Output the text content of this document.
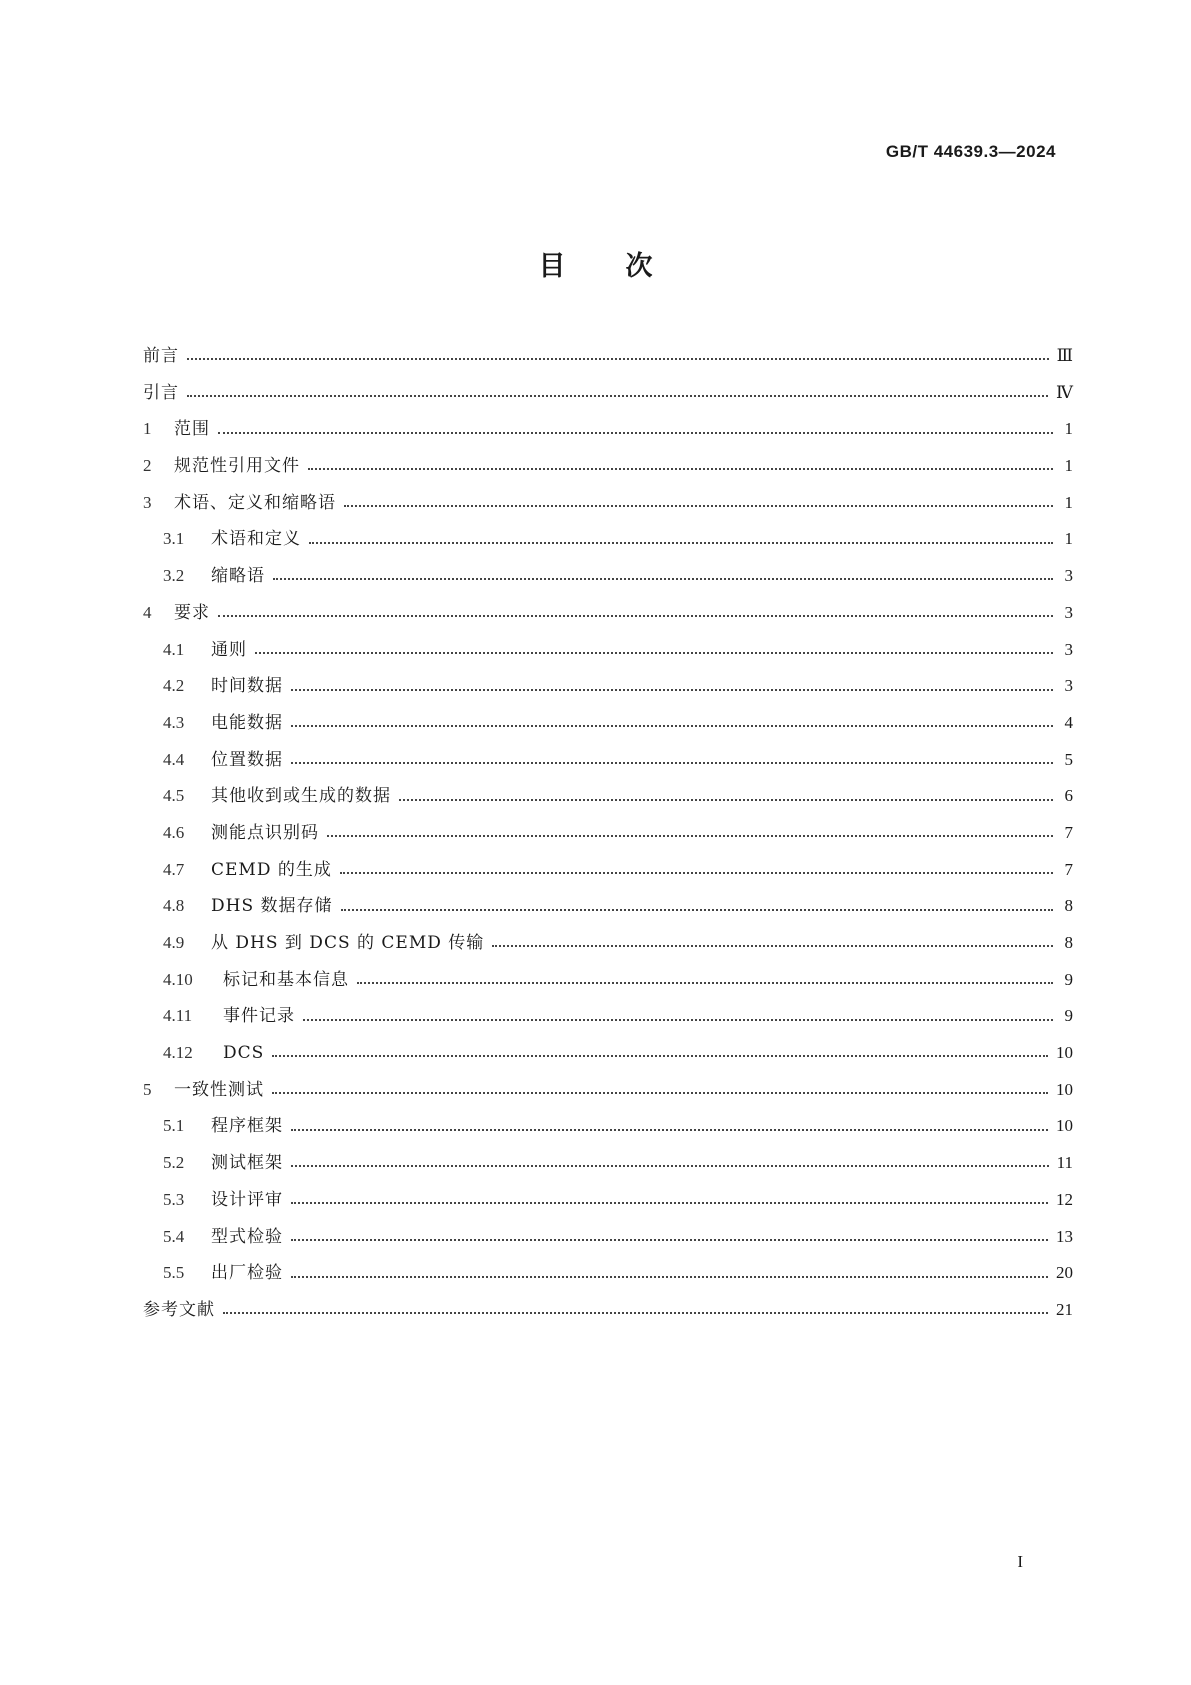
GB/T 44639.3—2024
目次
前言	Ⅲ
引言	Ⅳ
1	范围	1
2	规范性引用文件	1
3	术语、定义和缩略语	1
3.1	术语和定义	1
3.2	缩略语	3
4	要求	3
4.1	通则	3
4.2	时间数据	3
4.3	电能数据	4
4.4	位置数据	5
4.5	其他收到或生成的数据	6
4.6	测能点识别码	7
4.7	CEMD 的生成	7
4.8	DHS 数据存储	8
4.9	从 DHS 到 DCS 的 CEMD 传输	8
4.10	标记和基本信息	9
4.11	事件记录	9
4.12	DCS	10
5	一致性测试	10
5.1	程序框架	10
5.2	测试框架	11
5.3	设计评审	12
5.4	型式检验	13
5.5	出厂检验	20
参考文献	21
I
